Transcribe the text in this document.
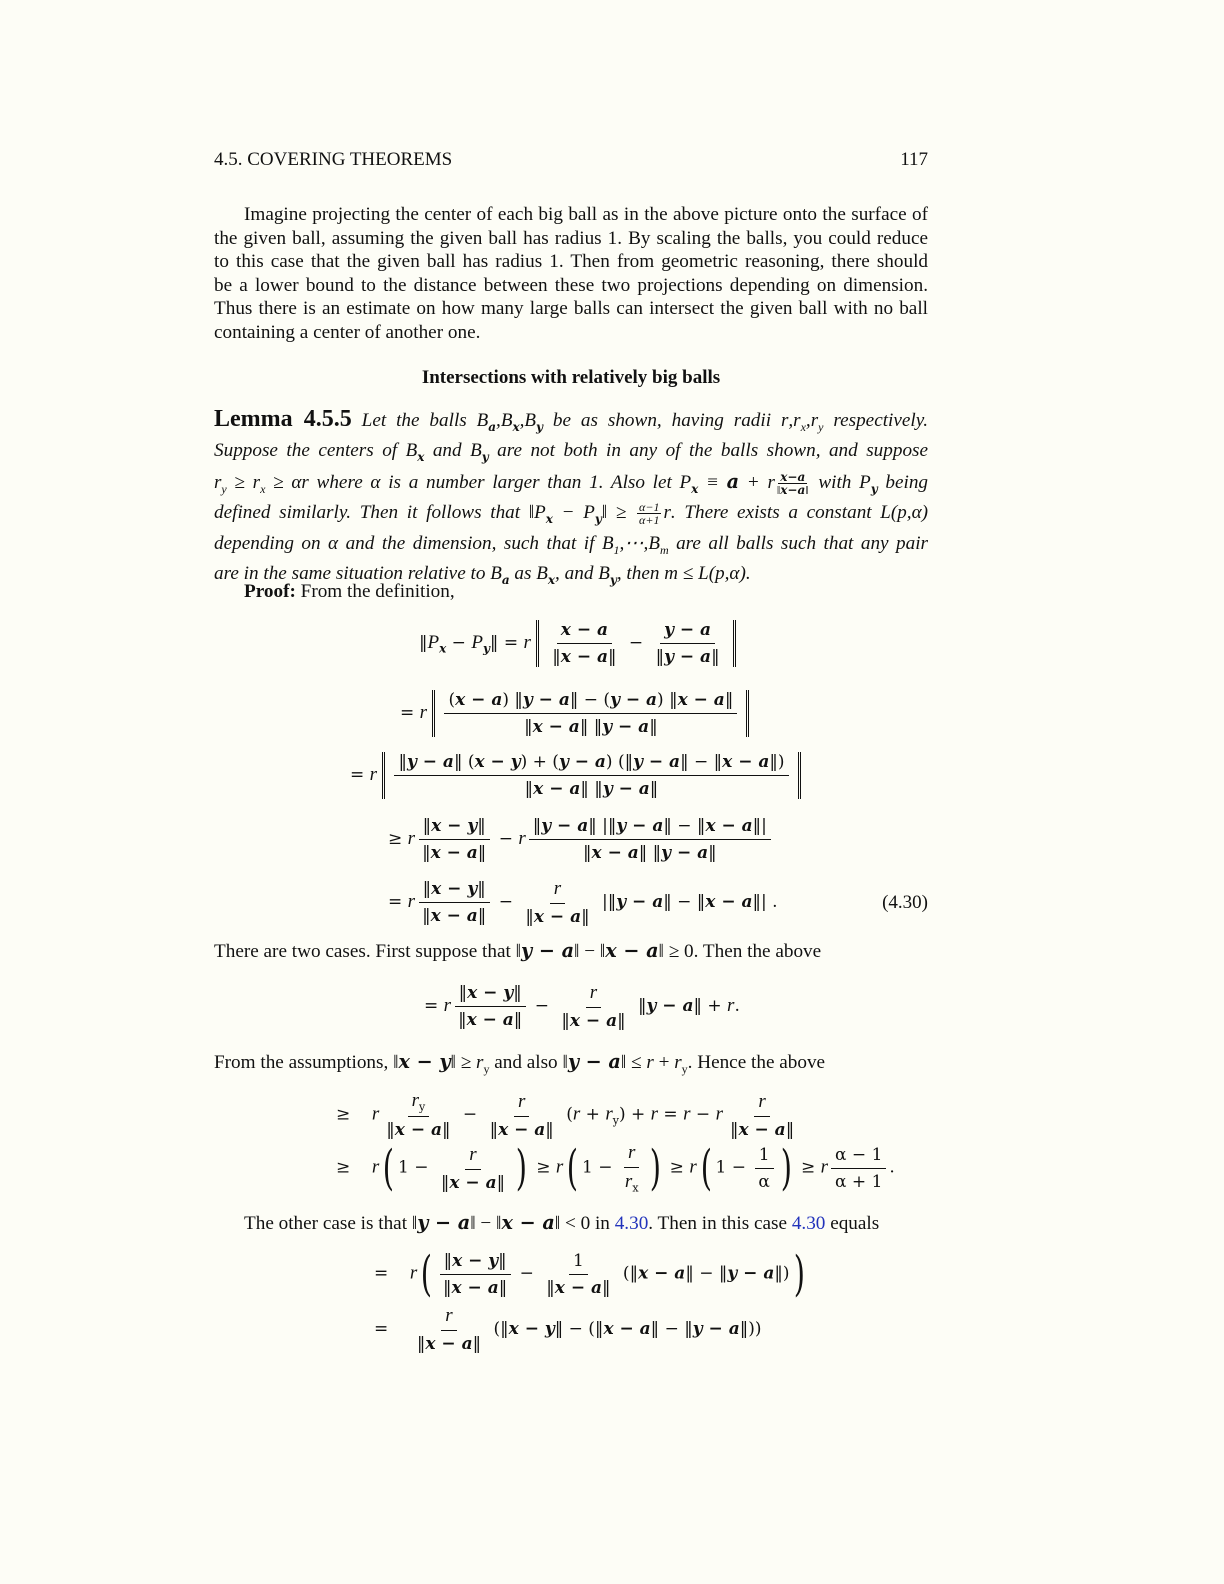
4.5. COVERING THEOREMS	117
Imagine projecting the center of each big ball as in the above picture onto the surface of
the given ball, assuming the given ball has radius 1. By scaling the balls, you could reduce
to this case that the given ball has radius 1. Then from geometric reasoning, there should
be a lower bound to the distance between these two projections depending on dimension.
Thus there is an estimate on how many large balls can intersect the given ball with no ball
containing a center of another one.
Intersections with relatively big balls
Lemma 4.5.5 Let the balls $B_a,B_x,B_y$ be as shown, having radii $r,r_x,r_y$ respectively.
Suppose the centers of $B_x$ and $B_y$ are not both in any of the balls shown, and suppose
$r_y \ge r_x \ge \alpha r$ where α is a number larger than 1. Also let $P_x \equiv a + r \frac{x-a}{‖x-a‖}$ with $P_y$ being
defined similarly. Then it follows that $‖P_x$ − $P_y‖ \ge \frac{\alpha-1}{\alpha+1} r$. There exists a constant L(p,α)
depending on α and the dimension, such that if $B_1,\cdots,B_m$ are all balls such that any pair
are in the same situation relative to $B_a$ as $B_x$, and $B_y$, then m ≤ L(p,α).
Proof: From the definition,
$‖P_x$ − $P_y‖ = r \frac{x - a}{‖x - a‖} - \frac{y - a}{‖y - a‖}$
= r $\frac{(x - a) ‖y - a‖ - (y - a) ‖x - a‖}{‖x - a‖ ‖y - a‖}$
= r $\frac{‖y - a‖ (x - y) + (y - a) (‖y - a‖ - ‖x - a‖)}{‖x - a‖ ‖y - a‖}$
≥ r $\frac{‖x - y‖}{‖x - a‖} - r \frac{‖y - a‖ |‖y - a‖ - ‖x - a‖|}{‖x - a‖ ‖y - a‖}$
= r $\frac{‖x - y‖}{‖x - a‖} - \frac{r}{‖x - a‖}$ |‖y − a‖ − ‖x − a‖| .	(4.30)
There are two cases. First suppose that ‖y − a‖ − ‖x − a‖ ≥ 0. Then the above
= r $\frac{‖x - y‖}{‖x - a‖} - \frac{r}{‖x - a‖}$ ‖y − a‖ + r.
From the assumptions, ‖x − y‖ ≥ $r_y$ and also ‖y − a‖ ≤ $r + r_y$. Hence the above
≥    r $\frac{r_y}{‖x - a‖} - \frac{r}{‖x - a‖} (r + r_y) + r = r - r \frac{r}{‖x - a‖}$
≥    r( $1 - \frac{r}{‖x - a‖}$ ) ≥ r( $1 - \frac{r}{r_x}$ ) ≥ r( $1 - \frac{1}{\alpha}$ ) ≥ r $\frac{\alpha - 1}{\alpha + 1}$ .
The other case is that ‖y − a‖ − ‖x − a‖ < 0 in 4.30. Then in this case 4.30 equals
=    $r( \frac{‖x - y‖}{‖x - a‖} - \frac{1}{‖x - a‖}$ (‖x − a‖ − ‖y − a‖))
= $\frac{r}{‖x - a‖}$ (‖x − y‖ − (‖x − a‖ − ‖y − a‖))
